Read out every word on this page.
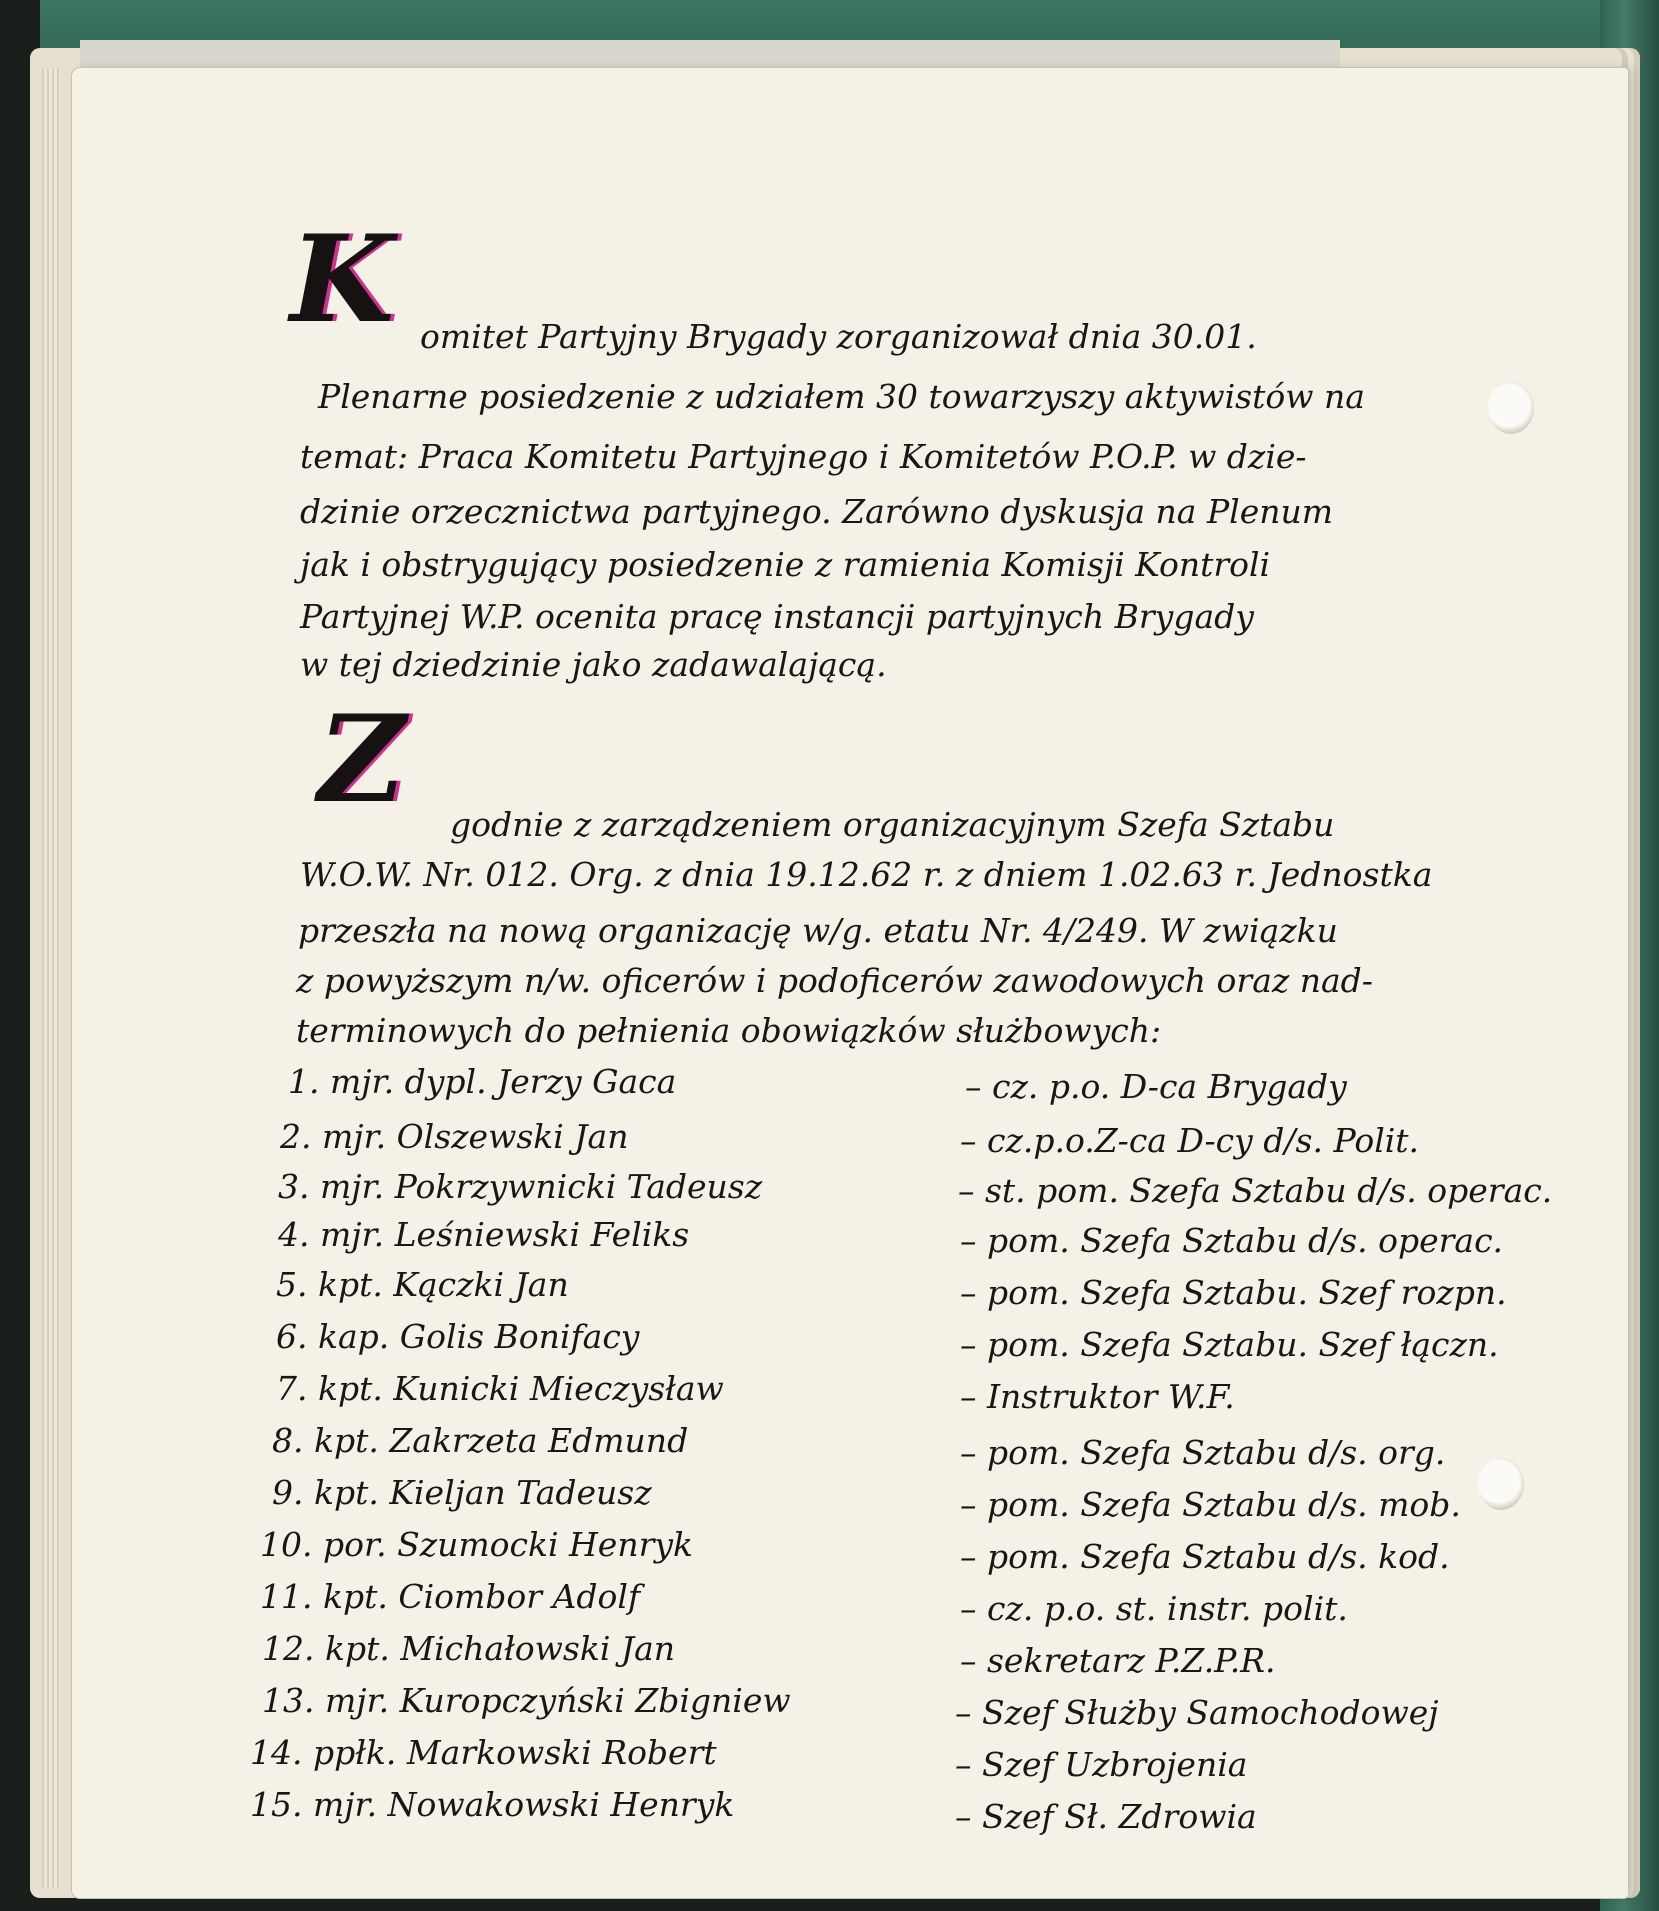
K omitet Partyjny Brygady zorganizował dnia 30.01.
Plenarne posiedzenie z udziałem 30 towarzyszy aktywistów na
temat: Praca Komitetu Partyjnego i Komitetów P.O.P. w dzie-
dzinie orzecznictwa partyjnego. Zarówno dyskusja na Plenum
jak i obstrygujący posiedzenie z ramienia Komisji Kontroli
Partyjnej W.P. ocenita pracę instancji partyjnych Brygady
w tej dziedzinie jako zadawalającą.
Z godnie z zarządzeniem organizacyjnym Szefa Sztabu
W.O.W. Nr. 012. Org. z dnia 19.12.62 r. z dniem 1.02.63 r. Jednostka
przeszła na nową organizację w/g. etatu Nr. 4/249. W związku
z powyższym n/w. oficerów i podoficerów zawodowych oraz nad-
terminowych do pełnienia obowiązków służbowych:
1. mjr. dypl. Jerzy Gaca
2. mjr. Olszewski Jan
3. mjr. Pokrzywnicki Tadeusz
4. mjr. Leśniewski Feliks
5. kpt. Kączki Jan
6. kap. Golis Bonifacy
7. kpt. Kunicki Mieczysław
8. kpt. Zakrzeta Edmund
9. kpt. Kieljan Tadeusz
10. por. Szumocki Henryk
11. kpt. Ciombor Adolf
12. kpt. Michałowski Jan
13. mjr. Kuropczyński Zbigniew
14. ppłk. Markowski Robert
15. mjr. Nowakowski Henryk
– cz. p.o. D-ca Brygady
– cz.p.o.Z-ca D-cy d/s. Polit.
– st. pom. Szefa Sztabu d/s. operac.
– pom. Szefa Sztabu d/s. operac.
– pom. Szefa Sztabu. Szef rozpn.
– pom. Szefa Sztabu. Szef łączn.
– Instruktor W.F.
– pom. Szefa Sztabu d/s. org.
– pom. Szefa Sztabu d/s. mob.
– pom. Szefa Sztabu d/s. kod.
– cz. p.o. st. instr. polit.
– sekretarz P.Z.P.R.
– Szef Służby Samochodowej
– Szef Uzbrojenia
– Szef Sł. Zdrowia
